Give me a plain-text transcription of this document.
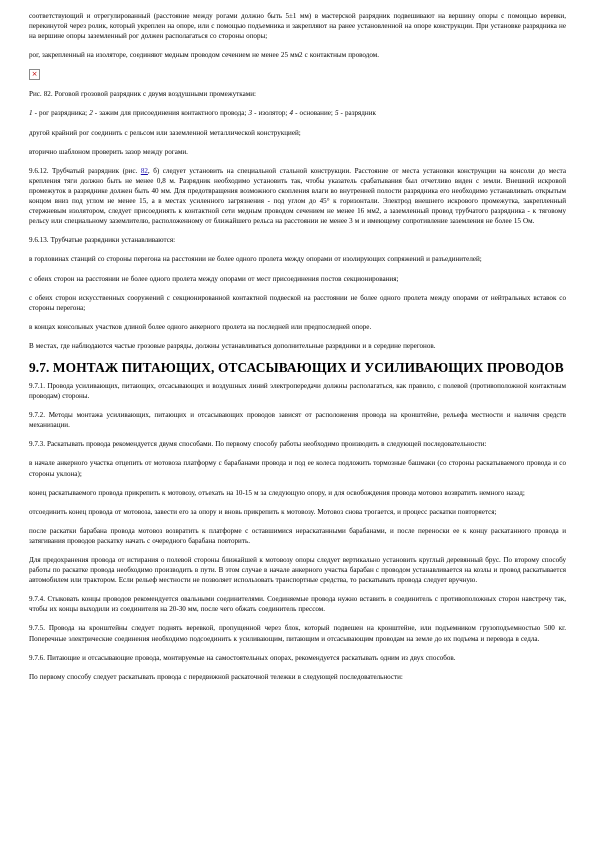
соответствующий и отрегулированный (расстояние между рогами должно быть 5±1 мм) в мастерской разрядник подвешивают на вершину опоры с помощью веревки, перекинутой через ролик, который укреплен на опоре, или с помощью подъемника и закрепляют на ранее установленной на опоре конструкции. При установке разрядника не на вершине опоры заземленный рог должен располагаться со стороны опоры;

рог, закрепленный на изоляторе, соединяют медным проводом сечением не менее 25 мм2 с контактным проводом.

×

Рис. 82. Роговой грозовой разрядник с двумя воздушными промежутками:

1 - рог разрядника; 2 - зажим для присоединения контактного провода; 3 - изолятор; 4 - основание; 5 - разрядник

другой крайний рог соединить с рельсом или заземленной металлической конструкцией;

вторично шаблоном проверить зазор между рогами.

9.6.12. Трубчатый разрядник (рис. 82, б) следует установить на специальной стальной конструкции. Расстояние от места установки конструкции на консоли до места крепления тяги должно быть не менее 0,8 м. Разрядник необходимо установить так, чтобы указатель срабатывания был отчетливо виден с земли. Внешний искровой промежуток в разряднике должен быть 40 мм. Для предотвращения возможного скопления влаги во внутренней полости разрядника его необходимо устанавливать открытым концом вниз под углом не менее 15, а в местах усиленного загрязнения - под углом до 45° к горизонтали. Электрод внешнего искрового промежутка, закрепленный стержневым изолятором, следует присоединять к контактной сети медным проводом сечением не менее 16 мм2, а заземленный провод трубчатого разрядника - к тяговому рельсу или специальному заземлителю, расположенному от ближайшего рельса на расстоянии не менее 3 м и имеющему сопротивление заземления не более 15 Ом.

9.6.13. Трубчатые разрядники устанавливаются:

в горловинах станций со стороны перегона на расстоянии не более одного пролета между опорами от изолирующих сопряжений и разъединителей;

с обеих сторон на расстоянии не более одного пролета между опорами от мест присоединения постов секционирования;

с обеих сторон искусственных сооружений с секционированной контактной подвеской на расстоянии не более одного пролета между опорами от нейтральных вставок со стороны перегона;

в концах консольных участков длиной более одного анкерного пролета на последней или предпоследней опоре.

В местах, где наблюдаются частые грозовые разряды, должны устанавливаться дополнительные разрядники и в середине перегонов.

9.7. МОНТАЖ ПИТАЮЩИХ, ОТСАСЫВАЮЩИХ И УСИЛИВАЮЩИХ ПРОВОДОВ

9.7.1. Провода усиливающих, питающих, отсасывающих и воздушных линий электропередачи должны располагаться, как правило, с полевой (противоположной контактным проводам) стороны.

9.7.2. Методы монтажа усиливающих, питающих и отсасывающих проводов зависят от расположения провода на кронштейне, рельефа местности и наличия средств механизации.

9.7.3. Раскатывать провода рекомендуется двумя способами. По первому способу работы необходимо производить в следующей последовательности:

в начале анкерного участка отцепить от мотовоза платформу с барабанами провода и под ее колеса подложить тормозные башмаки (со стороны раскатываемого провода и со стороны уклона);

конец раскатываемого провода прикрепить к мотовозу, отъехать на 10-15 м за следующую опору, и для освобождения провода мотовоз возвратить немного назад;

отсоединить конец провода от мотовоза, завести его за опору и вновь прикрепить к мотовозу. Мотовоз снова трогается, и процесс раскатки повторяется;

после раскатки барабана провода мотовоз возвратить к платформе с оставшимися нераскатанными барабанами, и после переноски ее к концу раскатанного провода и затягивания проводов раскатку начать с очередного барабана повторить.

Для предохранения провода от истирания о полевой стороны ближайшей к мотовозу опоры следует вертикально установить круглый деревянный брус. По второму способу работы по раскатке провода необходимо производить в пути. В этом случае в начале анкерного участка барабан с проводом устанавливается на козлы и провод раскатывается автомобилем или трактором. Если рельеф местности не позволяет использовать транспортные средства, то раскатывать провода следует вручную.

9.7.4. Стыковать концы проводов рекомендуется овальными соединителями. Соединяемые провода нужно вставить в соединитель с противоположных сторон навстречу так, чтобы их концы выходили из соединителя на 20-30 мм, после чего обжать соединитель прессом.

9.7.5. Провода на кронштейны следует поднять веревкой, пропущенной через блок, который подвешен на кронштейне, или подъемником грузоподъемностью 500 кг. Поперечные электрические соединения необходимо подсоединить к усиливающим, питающим и отсасывающим проводам на земле до их подъема и перевода в седла.

9.7.6. Питающие и отсасывающие провода, монтируемые на самостоятельных опорах, рекомендуется раскатывать одним из двух способов.

По первому способу следует раскатывать провода с передвижной раскаточной тележки в следующей последовательности:
